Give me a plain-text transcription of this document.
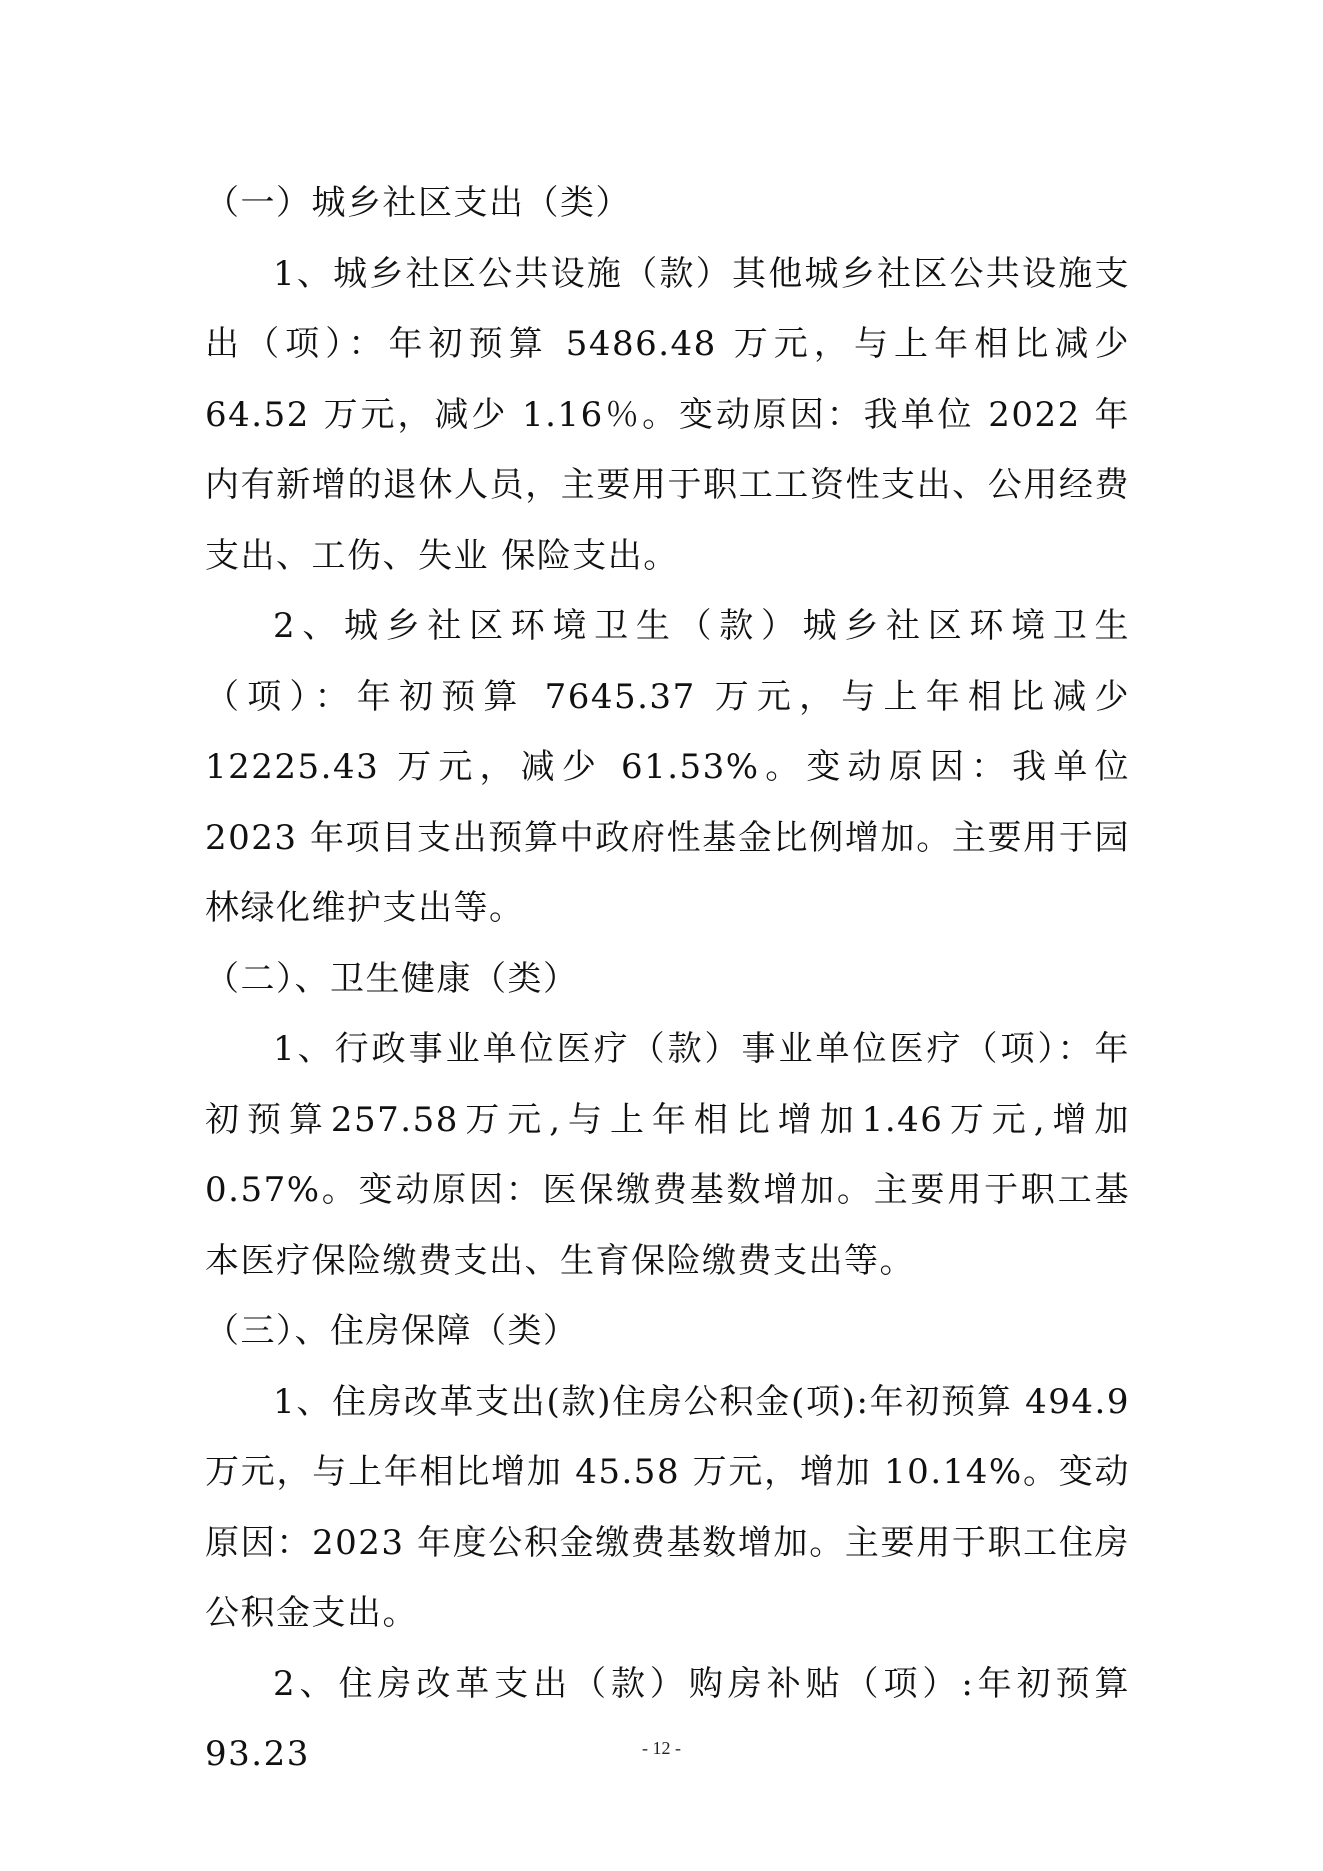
（一）城乡社区支出（类）

1、城乡社区公共设施（款）其他城乡社区公共设施支出（项）：年初预算 5486.48 万元，与上年相比减少 64.52 万元，减少 1.16％。变动原因：我单位 2022 年内有新增的退休人员，主要用于职工工资性支出、公用经费支出、工伤、失业 保险支出。

2、城乡社区环境卫生（款）城乡社区环境卫生（项）：年初预算 7645.37 万元，与上年相比减少 12225.43 万元，减少 61.53%。变动原因：我单位 2023 年项目支出预算中政府性基金比例增加。主要用于园林绿化维护支出等。

（二）、卫生健康（类）

1、行政事业单位医疗（款）事业单位医疗（项）：年初预算257.58万元,与上年相比增加1.46万元,增加0.57%。变动原因：医保缴费基数增加。主要用于职工基本医疗保险缴费支出、生育保险缴费支出等。

（三）、住房保障（类）

1、住房改革支出(款)住房公积金(项):年初预算 494.9 万元，与上年相比增加 45.58 万元，增加 10.14%。变动原因：2023 年度公积金缴费基数增加。主要用于职工住房公积金支出。

2、住房改革支出（款）购房补贴（项）:年初预算 93.23	- 12 -
